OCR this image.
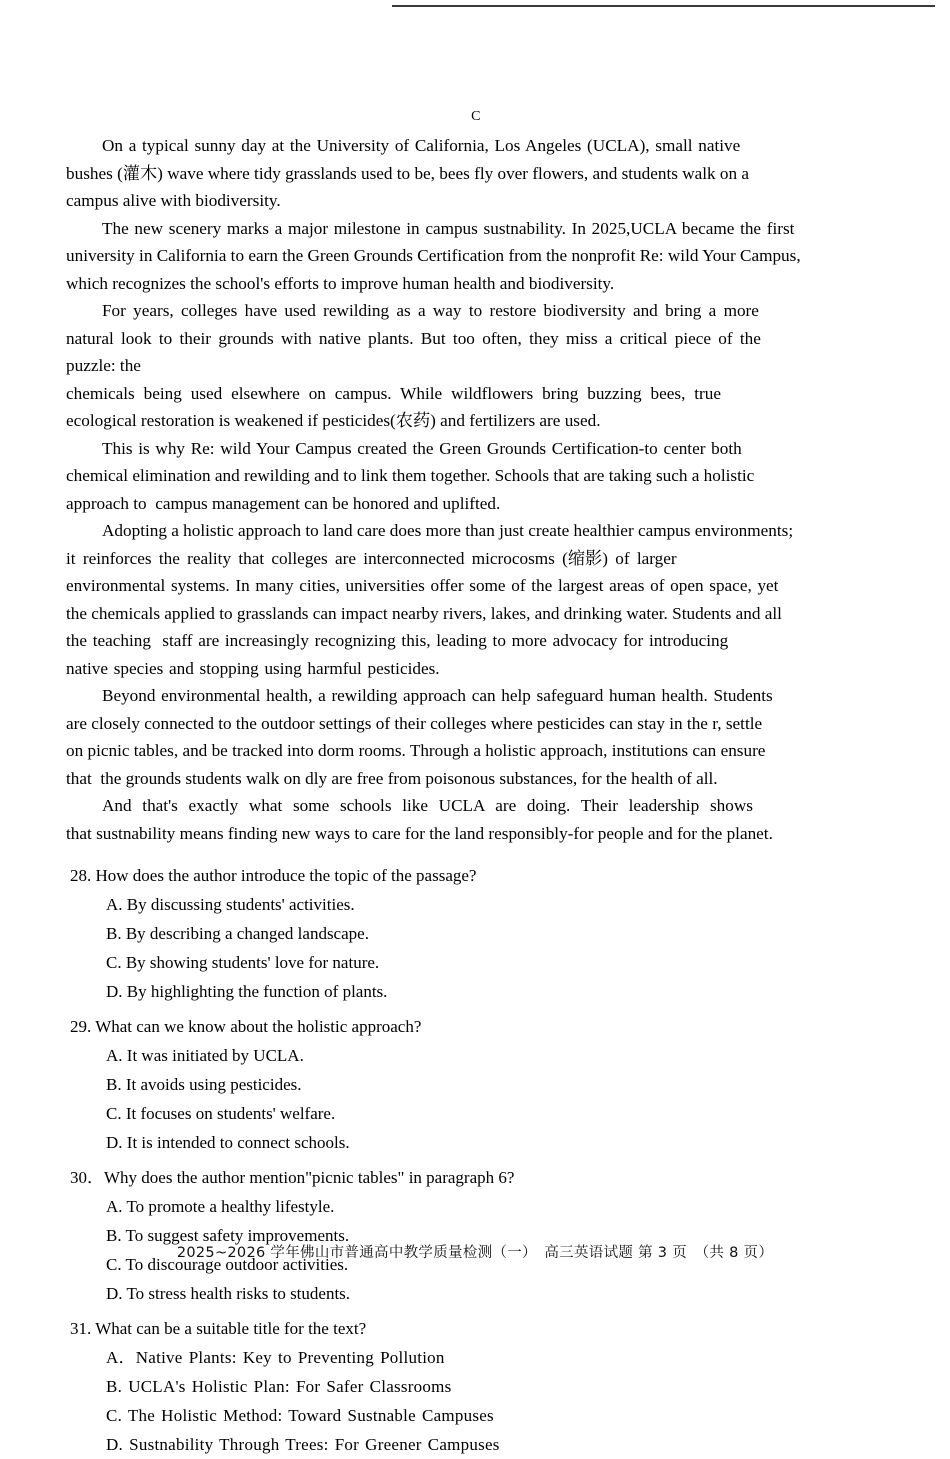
C
On a typical sunny day at the University of California, Los Angeles (UCLA), small native
bushes (灌木) wave where tidy grasslands used to be, bees fly over flowers, and students walk on a
campus alive with biodiversity.
The new scenery marks a major milestone in campus sustnability. In 2025,UCLA became the first
university in California to earn the Green Grounds Certification from the nonprofit Re: wild Your Campus,
which recognizes the school's efforts to improve human health and biodiversity.
For years, colleges have used rewilding as a way to restore biodiversity and bring a more
natural look to their grounds with native plants. But too often, they miss a critical piece of the
puzzle: the
chemicals being used elsewhere on campus. While wildflowers bring buzzing bees, true
ecological restoration is weakened if pesticides(农药) and fertilizers are used.
This is why Re: wild Your Campus created the Green Grounds Certification-to center both
chemical elimination and rewilding and to link them together. Schools that are taking such a holistic
approach to  campus management can be honored and uplifted.
Adopting a holistic approach to land care does more than just create healthier campus environments;
it reinforces the reality that colleges are interconnected microcosms (缩影) of larger
environmental systems. In many cities, universities offer some of the largest areas of open space, yet
the chemicals applied to grasslands can impact nearby rivers, lakes, and drinking water. Students and all
the teaching  staff are increasingly recognizing this, leading to more advocacy for introducing
native species and stopping using harmful pesticides.
Beyond environmental health, a rewilding approach can help safeguard human health. Students
are closely connected to the outdoor settings of their colleges where pesticides can stay in the r, settle
on picnic tables, and be tracked into dorm rooms. Through a holistic approach, institutions can ensure
that  the grounds students walk on dly are free from poisonous substances, for the health of all.
And that's exactly what some schools like UCLA are doing. Their leadership shows
that sustnability means finding new ways to care for the land responsibly-for people and for the planet.
28. How does the author introduce the topic of the passage?
A. By discussing students' activities.
B. By describing a changed landscape.
C. By showing students' love for nature.
D. By highlighting the function of plants.
29. What can we know about the holistic approach?
A. It was initiated by UCLA.
B. It avoids using pesticides.
C. It focuses on students' welfare.
D. It is intended to connect schools.
30．Why does the author mention"picnic tables" in paragraph 6?
A. To promote a healthy lifestyle.
B. To suggest safety improvements.
C. To discourage outdoor activities.
D. To stress health risks to students.
31. What can be a suitable title for the text?
A．Native Plants: Key to Preventing Pollution
B. UCLA's Holistic Plan: For Safer Classrooms
C. The Holistic Method: Toward Sustnable Campuses
D. Sustnability Through Trees: For Greener Campuses
2025~2026 学年佛山市普通高中教学质量检测（一）　高三英语试题 第 3 页　（共 8 页）
